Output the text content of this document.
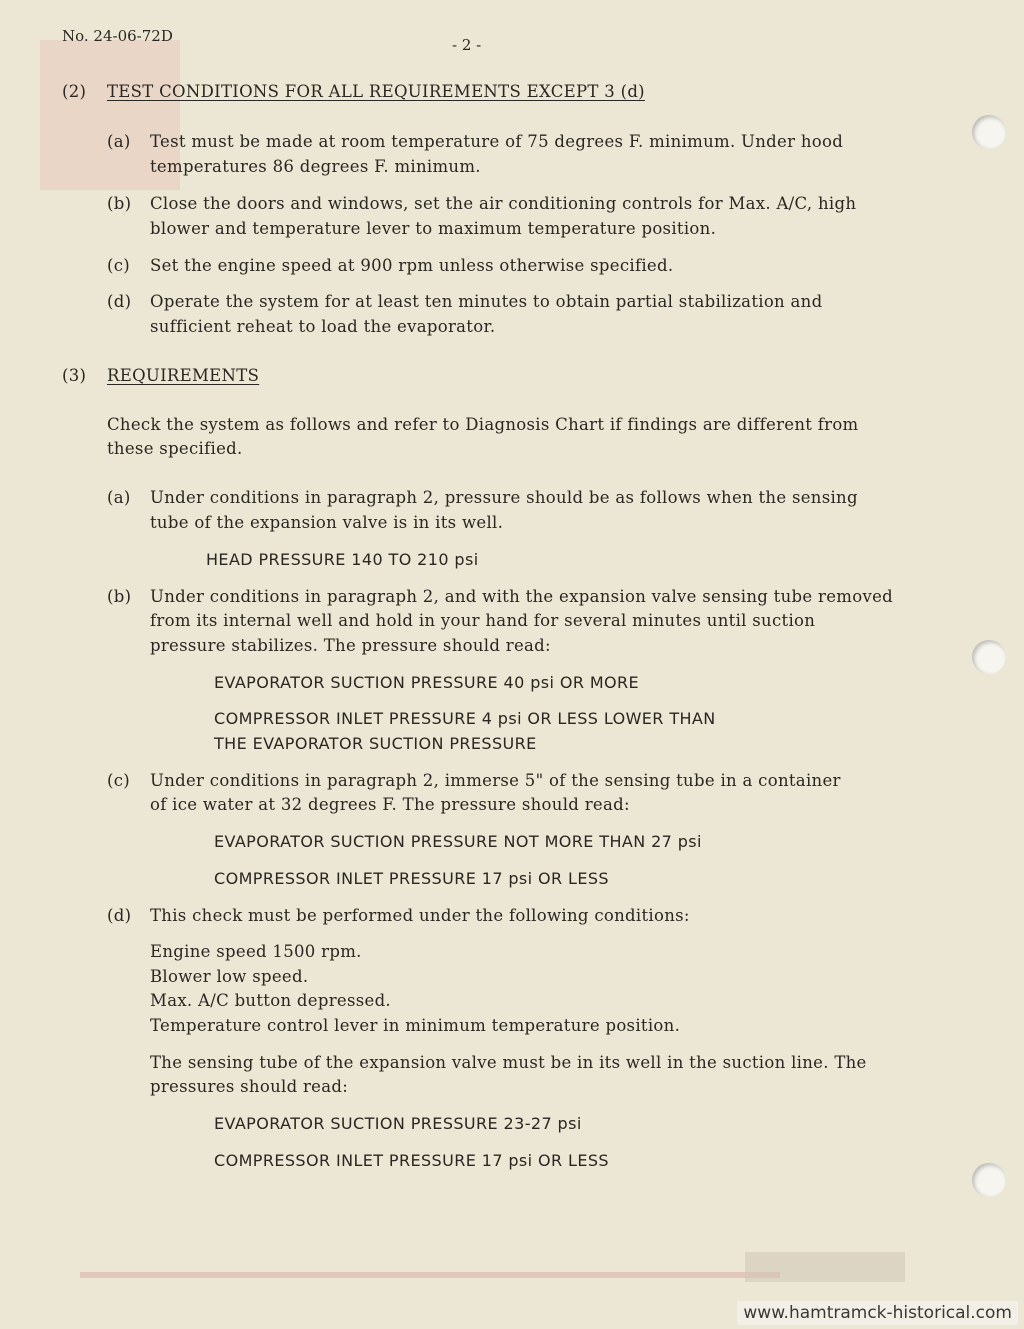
No. 24-06-72D	- 2 -
(2) TEST CONDITIONS FOR ALL REQUIREMENTS EXCEPT 3 (d)
(a) Test must be made at room temperature of 75 degrees F. minimum. Under hood
temperatures 86 degrees F. minimum.
(b) Close the doors and windows, set the air conditioning controls for Max. A/C, high
blower and temperature lever to maximum temperature position.
(c) Set the engine speed at 900 rpm unless otherwise specified.
(d) Operate the system for at least ten minutes to obtain partial stabilization and
sufficient reheat to load the evaporator.
(3) REQUIREMENTS
Check the system as follows and refer to Diagnosis Chart if findings are different from
these specified.
(a) Under conditions in paragraph 2, pressure should be as follows when the sensing
tube of the expansion valve is in its well.
HEAD PRESSURE 140 TO 210 psi
(b) Under conditions in paragraph 2, and with the expansion valve sensing tube removed
from its internal well and hold in your hand for several minutes until suction
pressure stabilizes. The pressure should read:
EVAPORATOR SUCTION PRESSURE 40 psi OR MORE
COMPRESSOR INLET PRESSURE 4 psi OR LESS LOWER THAN
THE EVAPORATOR SUCTION PRESSURE
(c) Under conditions in paragraph 2, immerse 5" of the sensing tube in a container
of ice water at 32 degrees F. The pressure should read:
EVAPORATOR SUCTION PRESSURE NOT MORE THAN 27 psi
COMPRESSOR INLET PRESSURE 17 psi OR LESS
(d) This check must be performed under the following conditions:
Engine speed 1500 rpm.
Blower low speed.
Max. A/C button depressed.
Temperature control lever in minimum temperature position.
The sensing tube of the expansion valve must be in its well in the suction line. The
pressures should read:
EVAPORATOR SUCTION PRESSURE 23-27 psi
COMPRESSOR INLET PRESSURE 17 psi OR LESS
www.hamtramck-historical.com
